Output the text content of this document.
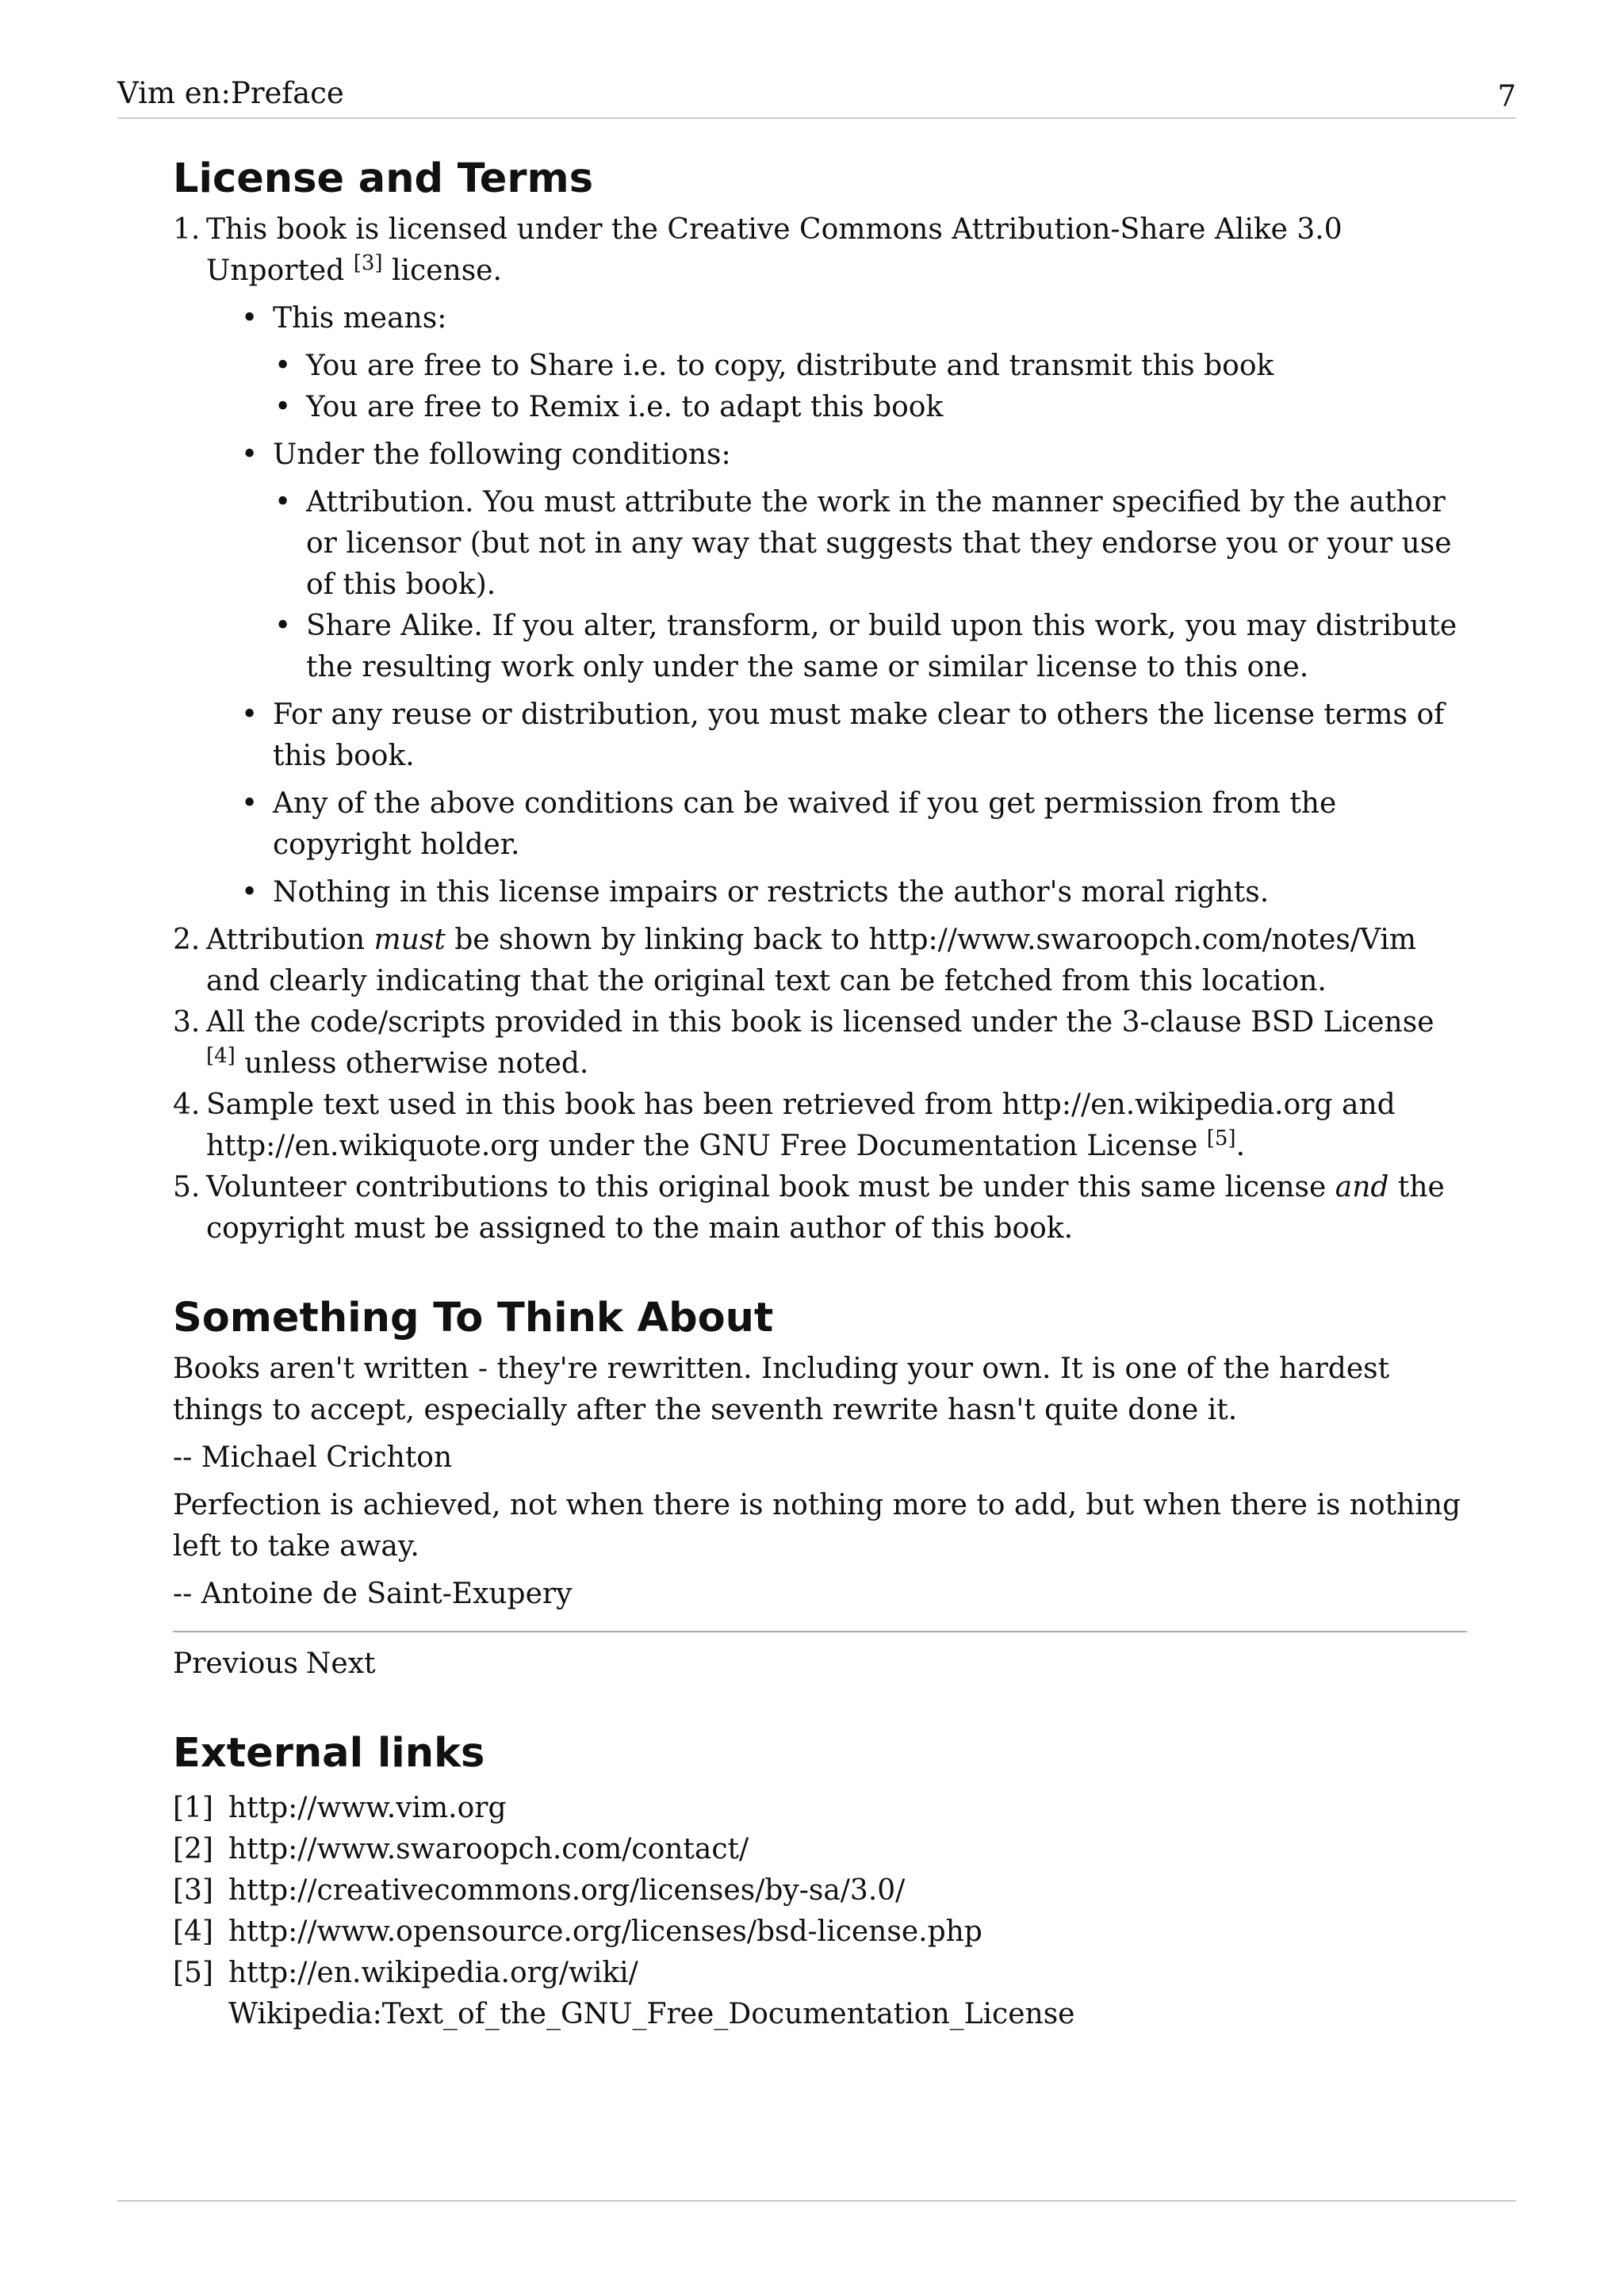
Vim en:Preface	7
License and Terms
1. This book is licensed under the Creative Commons Attribution-Share Alike 3.0 Unported [3] license.
• This means:
• You are free to Share i.e. to copy, distribute and transmit this book
• You are free to Remix i.e. to adapt this book
• Under the following conditions:
• Attribution. You must attribute the work in the manner specified by the author or licensor (but not in any way that suggests that they endorse you or your use of this book).
• Share Alike. If you alter, transform, or build upon this work, you may distribute the resulting work only under the same or similar license to this one.
• For any reuse or distribution, you must make clear to others the license terms of this book.
• Any of the above conditions can be waived if you get permission from the copyright holder.
• Nothing in this license impairs or restricts the author's moral rights.
2. Attribution must be shown by linking back to http://www.swaroopch.com/notes/Vim and clearly indicating that the original text can be fetched from this location.
3. All the code/scripts provided in this book is licensed under the 3-clause BSD License [4] unless otherwise noted.
4. Sample text used in this book has been retrieved from http://en.wikipedia.org and http://en.wikiquote.org under the GNU Free Documentation License [5].
5. Volunteer contributions to this original book must be under this same license and the copyright must be assigned to the main author of this book.
Something To Think About

Books aren't written - they're rewritten. Including your own. It is one of the hardest things to accept, especially after the seventh rewrite hasn't quite done it.

-- Michael Crichton

Perfection is achieved, not when there is nothing more to add, but when there is nothing left to take away.

-- Antoine de Saint-Exupery

Previous Next

External links
[1] http://www.vim.org
[2] http://www.swaroopch.com/contact/
[3] http://creativecommons.org/licenses/by-sa/3.0/
[4] http://www.opensource.org/licenses/bsd-license.php
[5] http://en.wikipedia.org/wiki/
Wikipedia:Text_of_the_GNU_Free_Documentation_License
